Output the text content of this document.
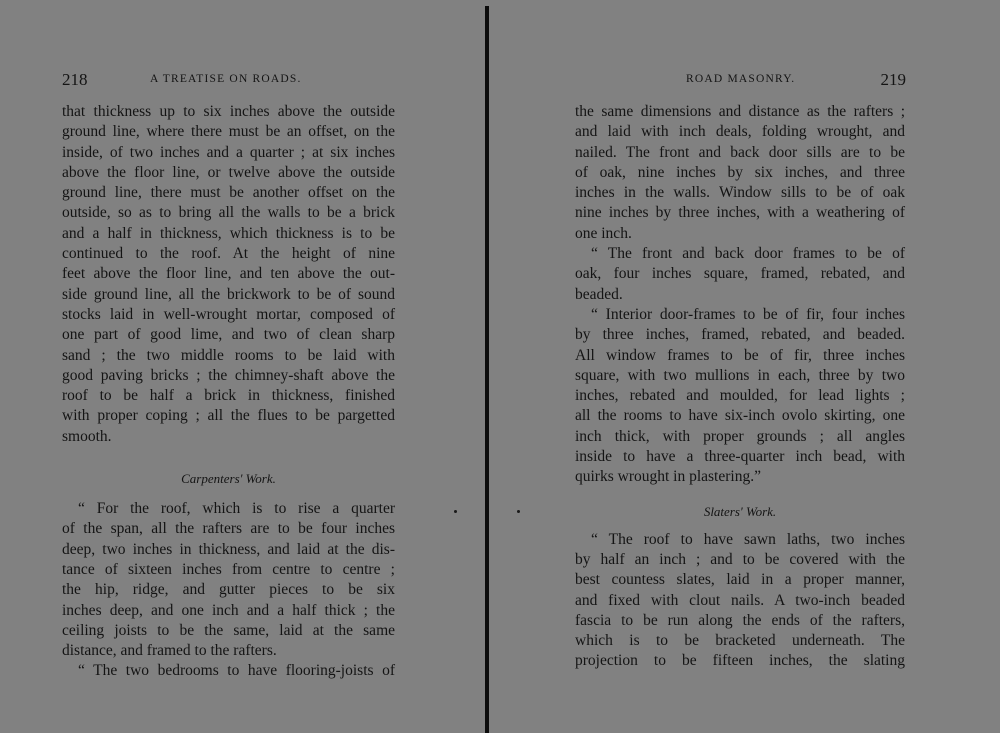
218	A TREATISE ON ROADS.
that thickness up to six inches above the outside
ground line, where there must be an offset, on the
inside, of two inches and a quarter ; at six inches
above the floor line, or twelve above the outside
ground line, there must be another offset on the
outside, so as to bring all the walls to be a brick
and a half in thickness, which thickness is to be
continued to the roof. At the height of nine
feet above the floor line, and ten above the out-
side ground line, all the brickwork to be of sound
stocks laid in well-wrought mortar, composed of
one part of good lime, and two of clean sharp
sand ; the two middle rooms to be laid with
good paving bricks ; the chimney-shaft above the
roof to be half a brick in thickness, finished
with proper coping ; all the flues to be pargetted
smooth.
Carpenters' Work.
“ For the roof, which is to rise a quarter
of the span, all the rafters are to be four inches
deep, two inches in thickness, and laid at the dis-
tance of sixteen inches from centre to centre ;
the hip, ridge, and gutter pieces to be six
inches deep, and one inch and a half thick ; the
ceiling joists to be the same, laid at the same
distance, and framed to the rafters.
“ The two bedrooms to have flooring-joists of
ROAD MASONRY.	219
the same dimensions and distance as the rafters ;
and laid with inch deals, folding wrought, and
nailed. The front and back door sills are to be
of oak, nine inches by six inches, and three
inches in the walls. Window sills to be of oak
nine inches by three inches, with a weathering of
one inch.
“ The front and back door frames to be of
oak, four inches square, framed, rebated, and
beaded.
“ Interior door-frames to be of fir, four inches
by three inches, framed, rebated, and beaded.
All window frames to be of fir, three inches
square, with two mullions in each, three by two
inches, rebated and moulded, for lead lights ;
all the rooms to have six-inch ovolo skirting, one
inch thick, with proper grounds ; all angles
inside to have a three-quarter inch bead, with
quirks wrought in plastering.”
Slaters' Work.
“ The roof to have sawn laths, two inches
by half an inch ; and to be covered with the
best countess slates, laid in a proper manner,
and fixed with clout nails. A two-inch beaded
fascia to be run along the ends of the rafters,
which is to be bracketed underneath. The
projection to be fifteen inches, the slating
